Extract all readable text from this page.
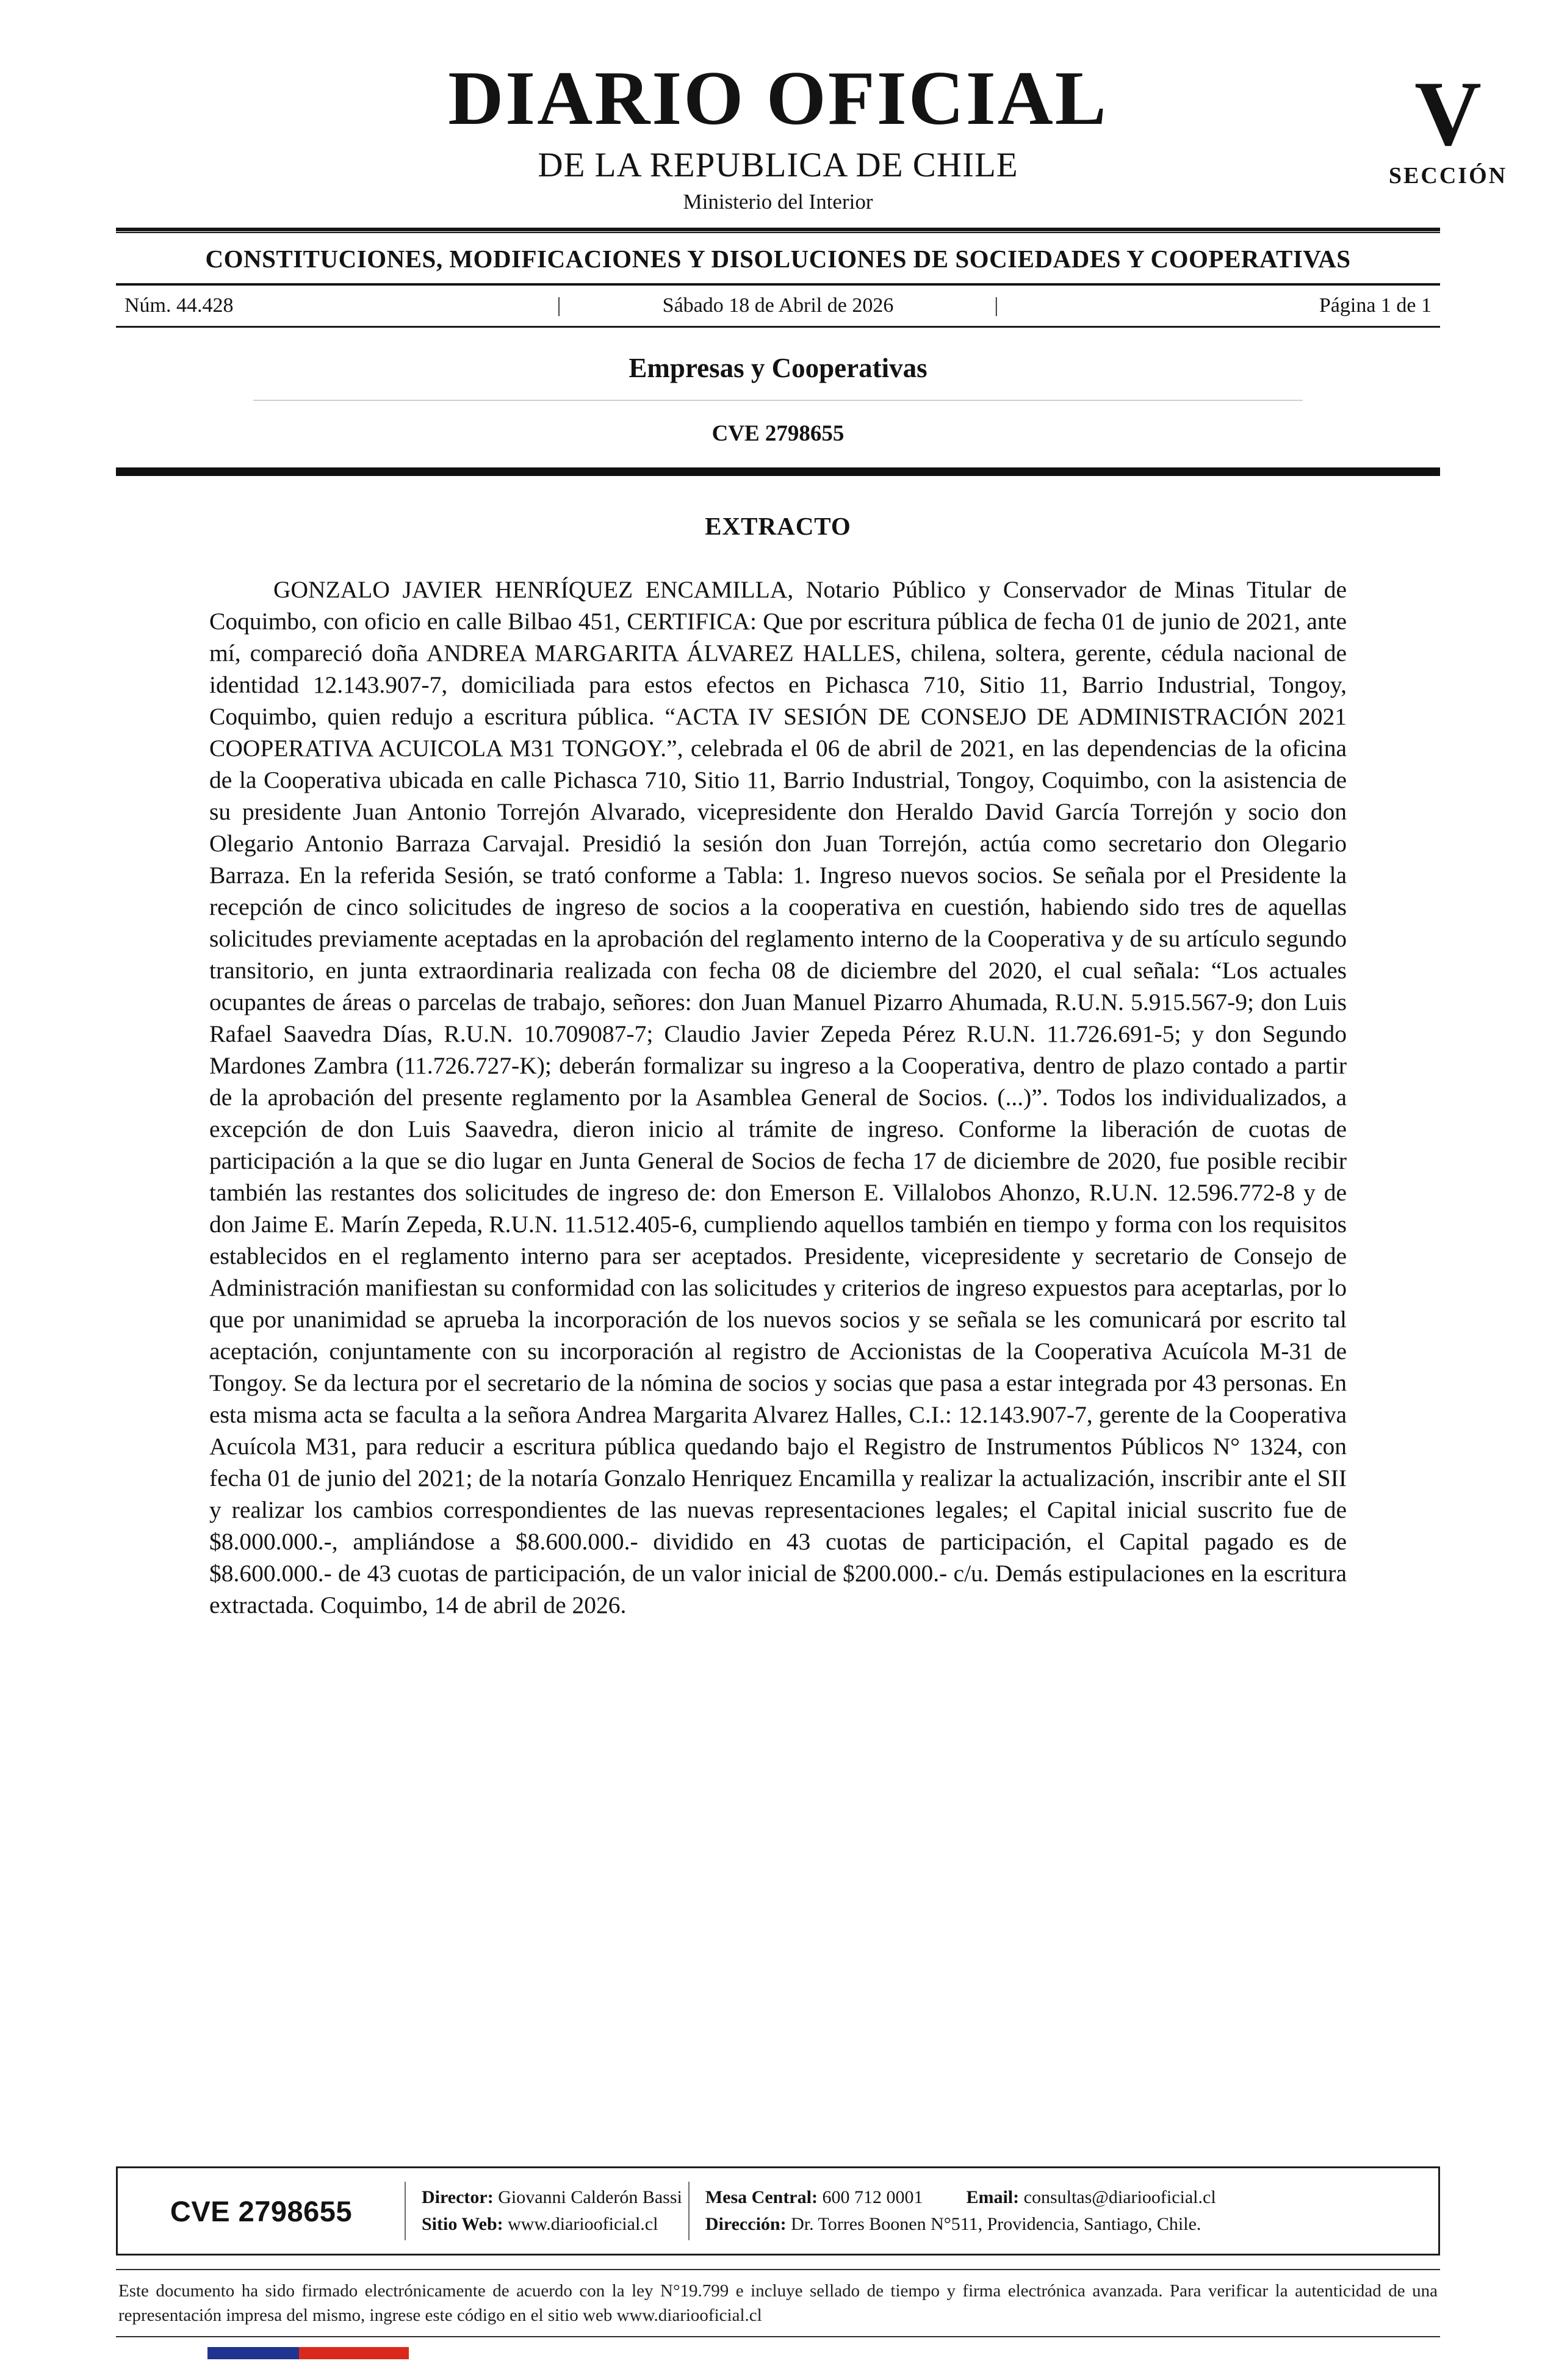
DIARIO OFICIAL
DE LA REPUBLICA DE CHILE
Ministerio del Interior
V
SECCIÓN
CONSTITUCIONES, MODIFICACIONES Y DISOLUCIONES DE SOCIEDADES Y COOPERATIVAS
Núm. 44.428	|	Sábado 18 de Abril de 2026	|	Página 1 de 1
Empresas y Cooperativas
CVE 2798655
EXTRACTO

GONZALO JAVIER HENRÍQUEZ ENCAMILLA, Notario Público y Conservador de Minas Titular de Coquimbo, con oficio en calle Bilbao 451, CERTIFICA: Que por escritura pública de fecha 01 de junio de 2021, ante mí, compareció doña ANDREA MARGARITA ÁLVAREZ HALLES, chilena, soltera, gerente, cédula nacional de identidad 12.143.907-7, domiciliada para estos efectos en Pichasca 710, Sitio 11, Barrio Industrial, Tongoy, Coquimbo, quien redujo a escritura pública. “ACTA IV SESIÓN DE CONSEJO DE ADMINISTRACIÓN 2021 COOPERATIVA ACUICOLA M31 TONGOY.”, celebrada el 06 de abril de 2021, en las dependencias de la oficina de la Cooperativa ubicada en calle Pichasca 710, Sitio 11, Barrio Industrial, Tongoy, Coquimbo, con la asistencia de su presidente Juan Antonio Torrejón Alvarado, vicepresidente don Heraldo David García Torrejón y socio don Olegario Antonio Barraza Carvajal. Presidió la sesión don Juan Torrejón, actúa como secretario don Olegario Barraza. En la referida Sesión, se trató conforme a Tabla: 1. Ingreso nuevos socios. Se señala por el Presidente la recepción de cinco solicitudes de ingreso de socios a la cooperativa en cuestión, habiendo sido tres de aquellas solicitudes previamente aceptadas en la aprobación del reglamento interno de la Cooperativa y de su artículo segundo transitorio, en junta extraordinaria realizada con fecha 08 de diciembre del 2020, el cual señala: “Los actuales ocupantes de áreas o parcelas de trabajo, señores: don Juan Manuel Pizarro Ahumada, R.U.N. 5.915.567-9; don Luis Rafael Saavedra Días, R.U.N. 10.709087-7; Claudio Javier Zepeda Pérez R.U.N. 11.726.691-5; y don Segundo Mardones Zambra (11.726.727-K); deberán formalizar su ingreso a la Cooperativa, dentro de plazo contado a partir de la aprobación del presente reglamento por la Asamblea General de Socios. (...)”. Todos los individualizados, a excepción de don Luis Saavedra, dieron inicio al trámite de ingreso. Conforme la liberación de cuotas de participación a la que se dio lugar en Junta General de Socios de fecha 17 de diciembre de 2020, fue posible recibir también las restantes dos solicitudes de ingreso de: don Emerson E. Villalobos Ahonzo, R.U.N. 12.596.772-8 y de don Jaime E. Marín Zepeda, R.U.N. 11.512.405-6, cumpliendo aquellos también en tiempo y forma con los requisitos establecidos en el reglamento interno para ser aceptados. Presidente, vicepresidente y secretario de Consejo de Administración manifiestan su conformidad con las solicitudes y criterios de ingreso expuestos para aceptarlas, por lo que por unanimidad se aprueba la incorporación de los nuevos socios y se señala se les comunicará por escrito tal aceptación, conjuntamente con su incorporación al registro de Accionistas de la Cooperativa Acuícola M-31 de Tongoy. Se da lectura por el secretario de la nómina de socios y socias que pasa a estar integrada por 43 personas. En esta misma acta se faculta a la señora Andrea Margarita Alvarez Halles, C.I.: 12.143.907-7, gerente de la Cooperativa Acuícola M31, para reducir a escritura pública quedando bajo el Registro de Instrumentos Públicos N° 1324, con fecha 01 de junio del 2021; de la notaría Gonzalo Henriquez Encamilla y realizar la actualización, inscribir ante el SII y realizar los cambios correspondientes de las nuevas representaciones legales; el Capital inicial suscrito fue de $8.000.000.-, ampliándose a $8.600.000.- dividido en 43 cuotas de participación, el Capital pagado es de $8.600.000.- de 43 cuotas de participación, de un valor inicial de $200.000.- c/u. Demás estipulaciones en la escritura extractada. Coquimbo, 14 de abril de 2026.

CVE 2798655	Director: Giovanni Calderón Bassi
Sitio Web: www.diariooficial.cl
Mesa Central: 600 712 0001 Email: consultas@diariooficial.cl
Dirección: Dr. Torres Boonen N°511, Providencia, Santiago, Chile.

Este documento ha sido firmado electrónicamente de acuerdo con la ley N°19.799 e incluye sellado de tiempo y firma electrónica avanzada. Para verificar la autenticidad de una representación impresa del mismo, ingrese este código en el sitio web www.diariooficial.cl
